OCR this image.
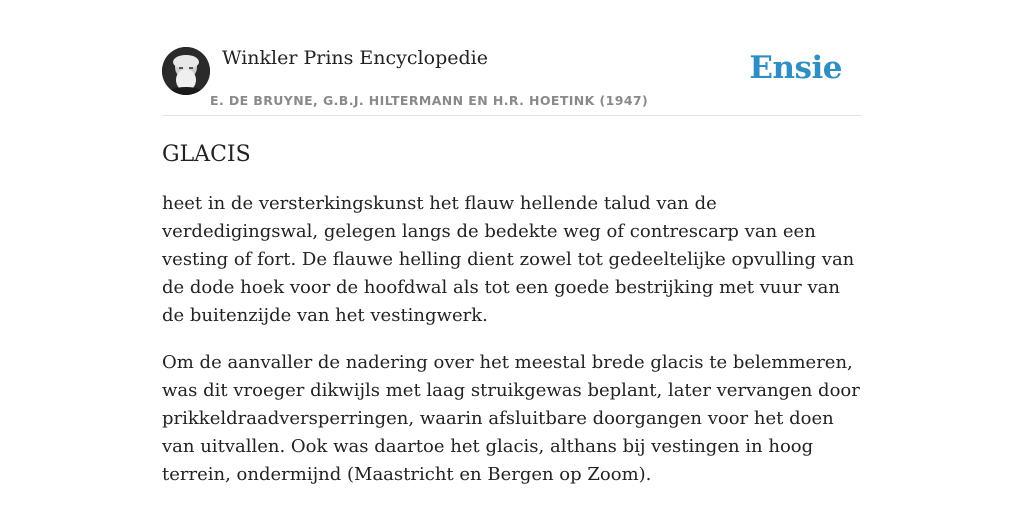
Winkler Prins Encyclopedie
E. DE BRUYNE, G.B.J. HILTERMANN EN H.R. HOETINK (1947)
Ensie
GLACIS

heet in de versterkingskunst het flauw hellende talud van de verdedigingswal, gelegen langs de bedekte weg of contrescarp van een vesting of fort. De flauwe helling dient zowel tot gedeeltelijke opvulling van de dode hoek voor de hoofdwal als tot een goede bestrijking met vuur van de buitenzijde van het vestingwerk.

Om de aanvaller de nadering over het meestal brede glacis te belemmeren, was dit vroeger dikwijls met laag struikgewas beplant, later vervangen door prikkeldraadversperringen, waarin afsluitbare doorgangen voor het doen van uitvallen. Ook was daartoe het glacis, althans bij vestingen in hoog terrein, ondermijnd (Maastricht en Bergen op Zoom).
